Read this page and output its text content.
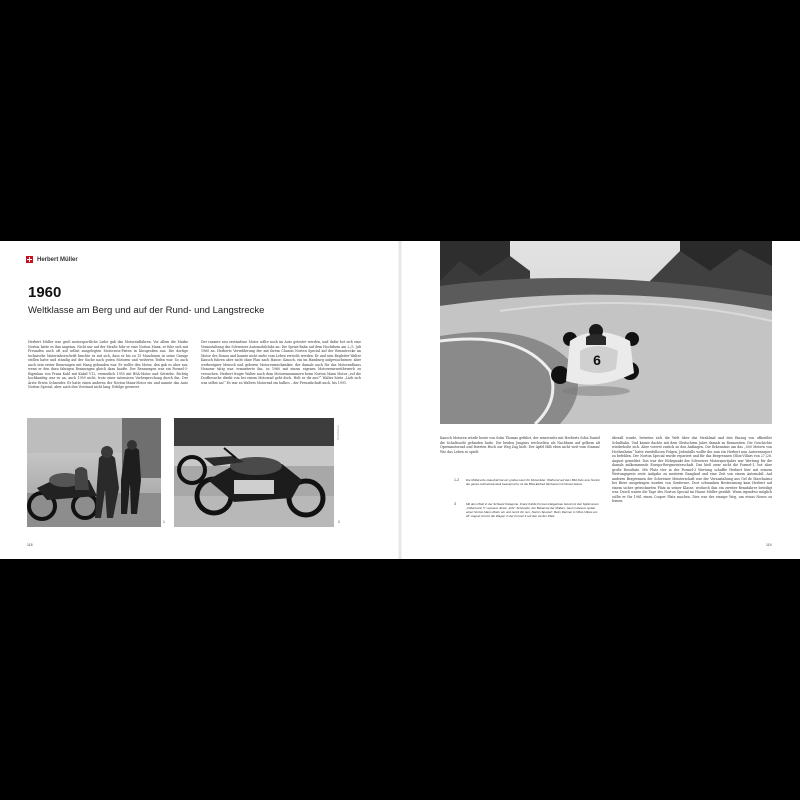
Herbert Müller
1960
Weltklasse am Berg und auf der Rund- und Langstrecke

Herbert Müller war groß motorsportliche Liebe gab das Motorradfahren. Vor allem die Marke Norton hatte es ihm angetan. Nicht nur auf der Straße fuhr er eine Norton Manx, er fuhr sich mit Freunden auch oft auf selbst ausgelegten Motocross-Pisten in Kiesgruben aus. Die dortige technische Materialvorschrift brachte es mit sich, dass er bis zu 15 Maschinen in seine Garage stellen hatte und ständig auf der Suche nach guten Motoren und weiteren Teilen war. So auch auch sein erster Rennwagen mit Hang gebunden war. Er wollte den Motor, den gab es aber nur, wenn er den dazu fahrigen Rennwagen gleich dazu kaufte. Der Rennwagen war ein Formel-3-Eigenbau von Franz Kahl mit Kabel V12, vermutlich 1955 mit BSA-Motor und Getriebe. Richtig hochkarätig war es an, auch 1959 nicht, trotz einer intensiven Vorbesprechung durch ihn. Der Ärzte Erwin Schneider. Er hatte einen anderen der Norton-Manx-Motor ein und nannte das Auto Norton Special, aber auch den Vorstand nicht lang. Erfolge geerntet.

Der rasante neu erstandene Motor sollte noch im Auto getestet werden, und dafür bot sich eine Veranstaltung des Schweizer Automobilclubs an: Die Sprint-Bahn auf dem Hochrhein am 2./3. Juli 1960 an. Herberts Verwilderung der mit ihrem Chassis Norten Special auf der Rennstrecke im Motor des Donau und konnte nicht mehr vom Leben erreicht werden. Er und sein Begleiter Walter Kausch fuhren aber nicht ohne Plan nach Hause: Kausch, ein im Hamburg aufgewachsener, aber werbeeigner Mensch und geboren Motorenmechaniker, der damals auch für das Motorradhaus Honorar tätig war, ermunterte ihn, es 1960 mit einem eigenen Motorrennwettbewerb zu versuchen. Herbert fragte Walter nach dem Motorennummern beim Norton Manx Motor „ruf die Dorfbesuche direkt von bei einem Motorrad geht doch. Holt es dir aus?“ Walter hörte „Lieb sich was selbst an!“ Es war zu Walters Motorrad ein halbes – der Freundschaft auch, bis 1991.

1	2
Rennfahrer
118
6
3

Kausch Motoren würde heute von Sohn Thomas geführt, der seinerseits mit Herberts Sohn Daniel die Schaltsucht gefunden hatte. Die beiden Jungens wechselten als Nachbarn auf gelbem alt Opernmotorrad und feierten Hoch zur Weg Zug hielt. Der Apfel fällt eben nicht weit vom Stamm! Wie das Leben so spielt.

überall wurde, betreten sich die Welt über das Strahlmal und den Einzug von offizieller Schulbahn. Und keiner dachte mit dem Gleitschirm Jahre damals zu Rennzeiten. Die Geschichte wiederholte sich. Aber vorerst zurück zu den Anfängen. Die Erkenntnis um das „500 Metern von Hochenheim“ hatte zweifellosen Folgen, Jedenfalls wollte ihn nun ein Herbert nun Autorennsport zu befehlen. Der Norton Special wurde repariert und für das Bergrennen Ollon-Villars von 27./28. August gemeldet. Das war der Höhepunkt der Schweizer Motorsportjahrs war Wertung für die damals aufkommende Europa-Bergmeisterschaft. Das hieß zwar nicht die Formel-1, bot aber große Resultate. Mit Platz vier in der Formel-3 Wertung schaffte Herbert hier mit seinem Wertungspreis erste Aufgabe zu meistern Ranglauf und eine Zeit von einem Automobil. Auf anderen Bergrennen der Schweizer Meisterschaft war der Veranstaltung aus Gel de Marchairuz bei Biere ausgetragen worden von Genfersee. Dort schwanken Bestrennung kam Herbert auf einem sicher getrockneten Platz in seiner Klasse, wodurch ihm ein zweiter Rennfahrer beteiligt war. Durch waren die Tage des Norton Special im Hause Müller gezählt. Wenn irgendwo möglich sollte er für 1961 einen Cooper Platz machen. Dies war der einzige Weg, um etwas Neues zu lernen.

1-2 Die Müllersche Haushalt hat ein großes Herz für Motorräder. Während auf dem Bild links eine Norton die ganze Aufmerksamkeit beansprucht, ist die BSA-Einheit fahrbereit mit Norten-Racer.
3	Mit dem Platz in der Schweiz Kategorie, Franz Kahlis Formel-3-Eigenbau bekommt den Spitznamen „Vüllermann 5“ verpasst. Erwin „Fritz“ Schneider, der Bekannte der Müllers, baut in diesem später einen Norton-Manx-Motor ein und nennt ihn nun „Norton Special“. Beim Rennen in Ollon-Villars am 28. August kommt die Wagen in der Formel 3 auf den vierten Platz.
119
